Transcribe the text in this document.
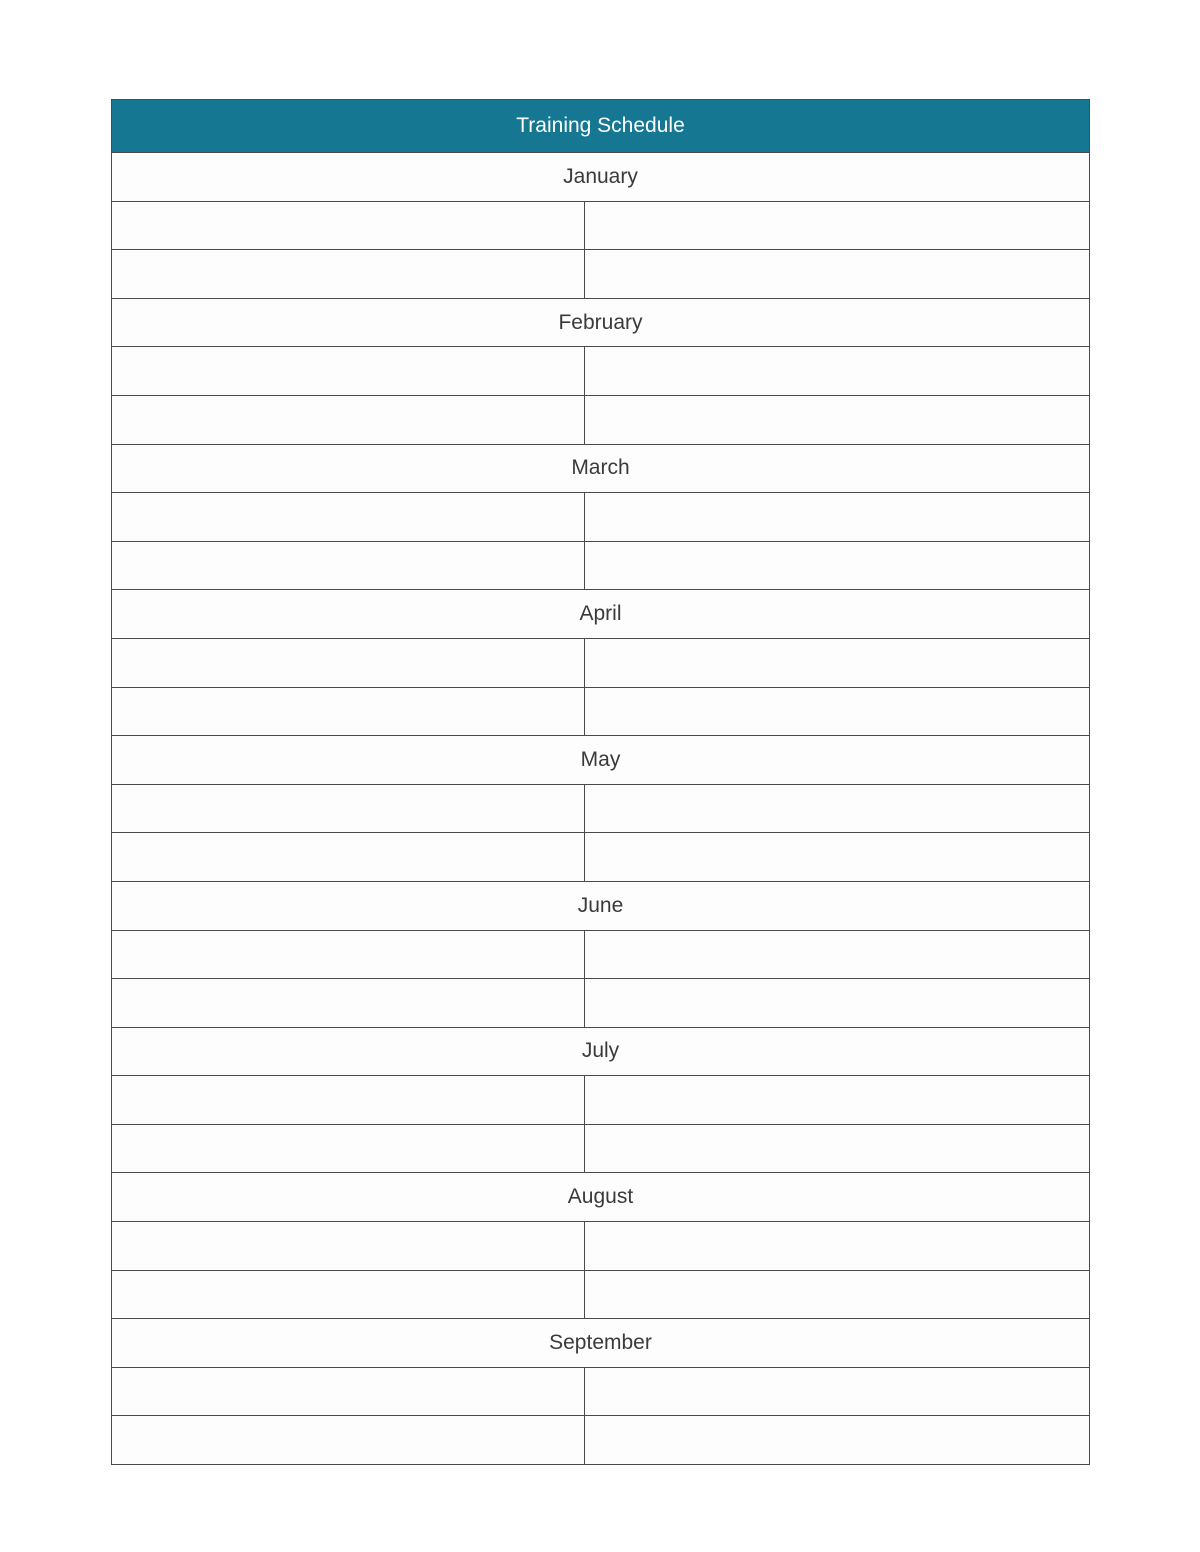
Training Schedule	
January	

February	

March	

April	

May	

June	

July	

August	

September	
